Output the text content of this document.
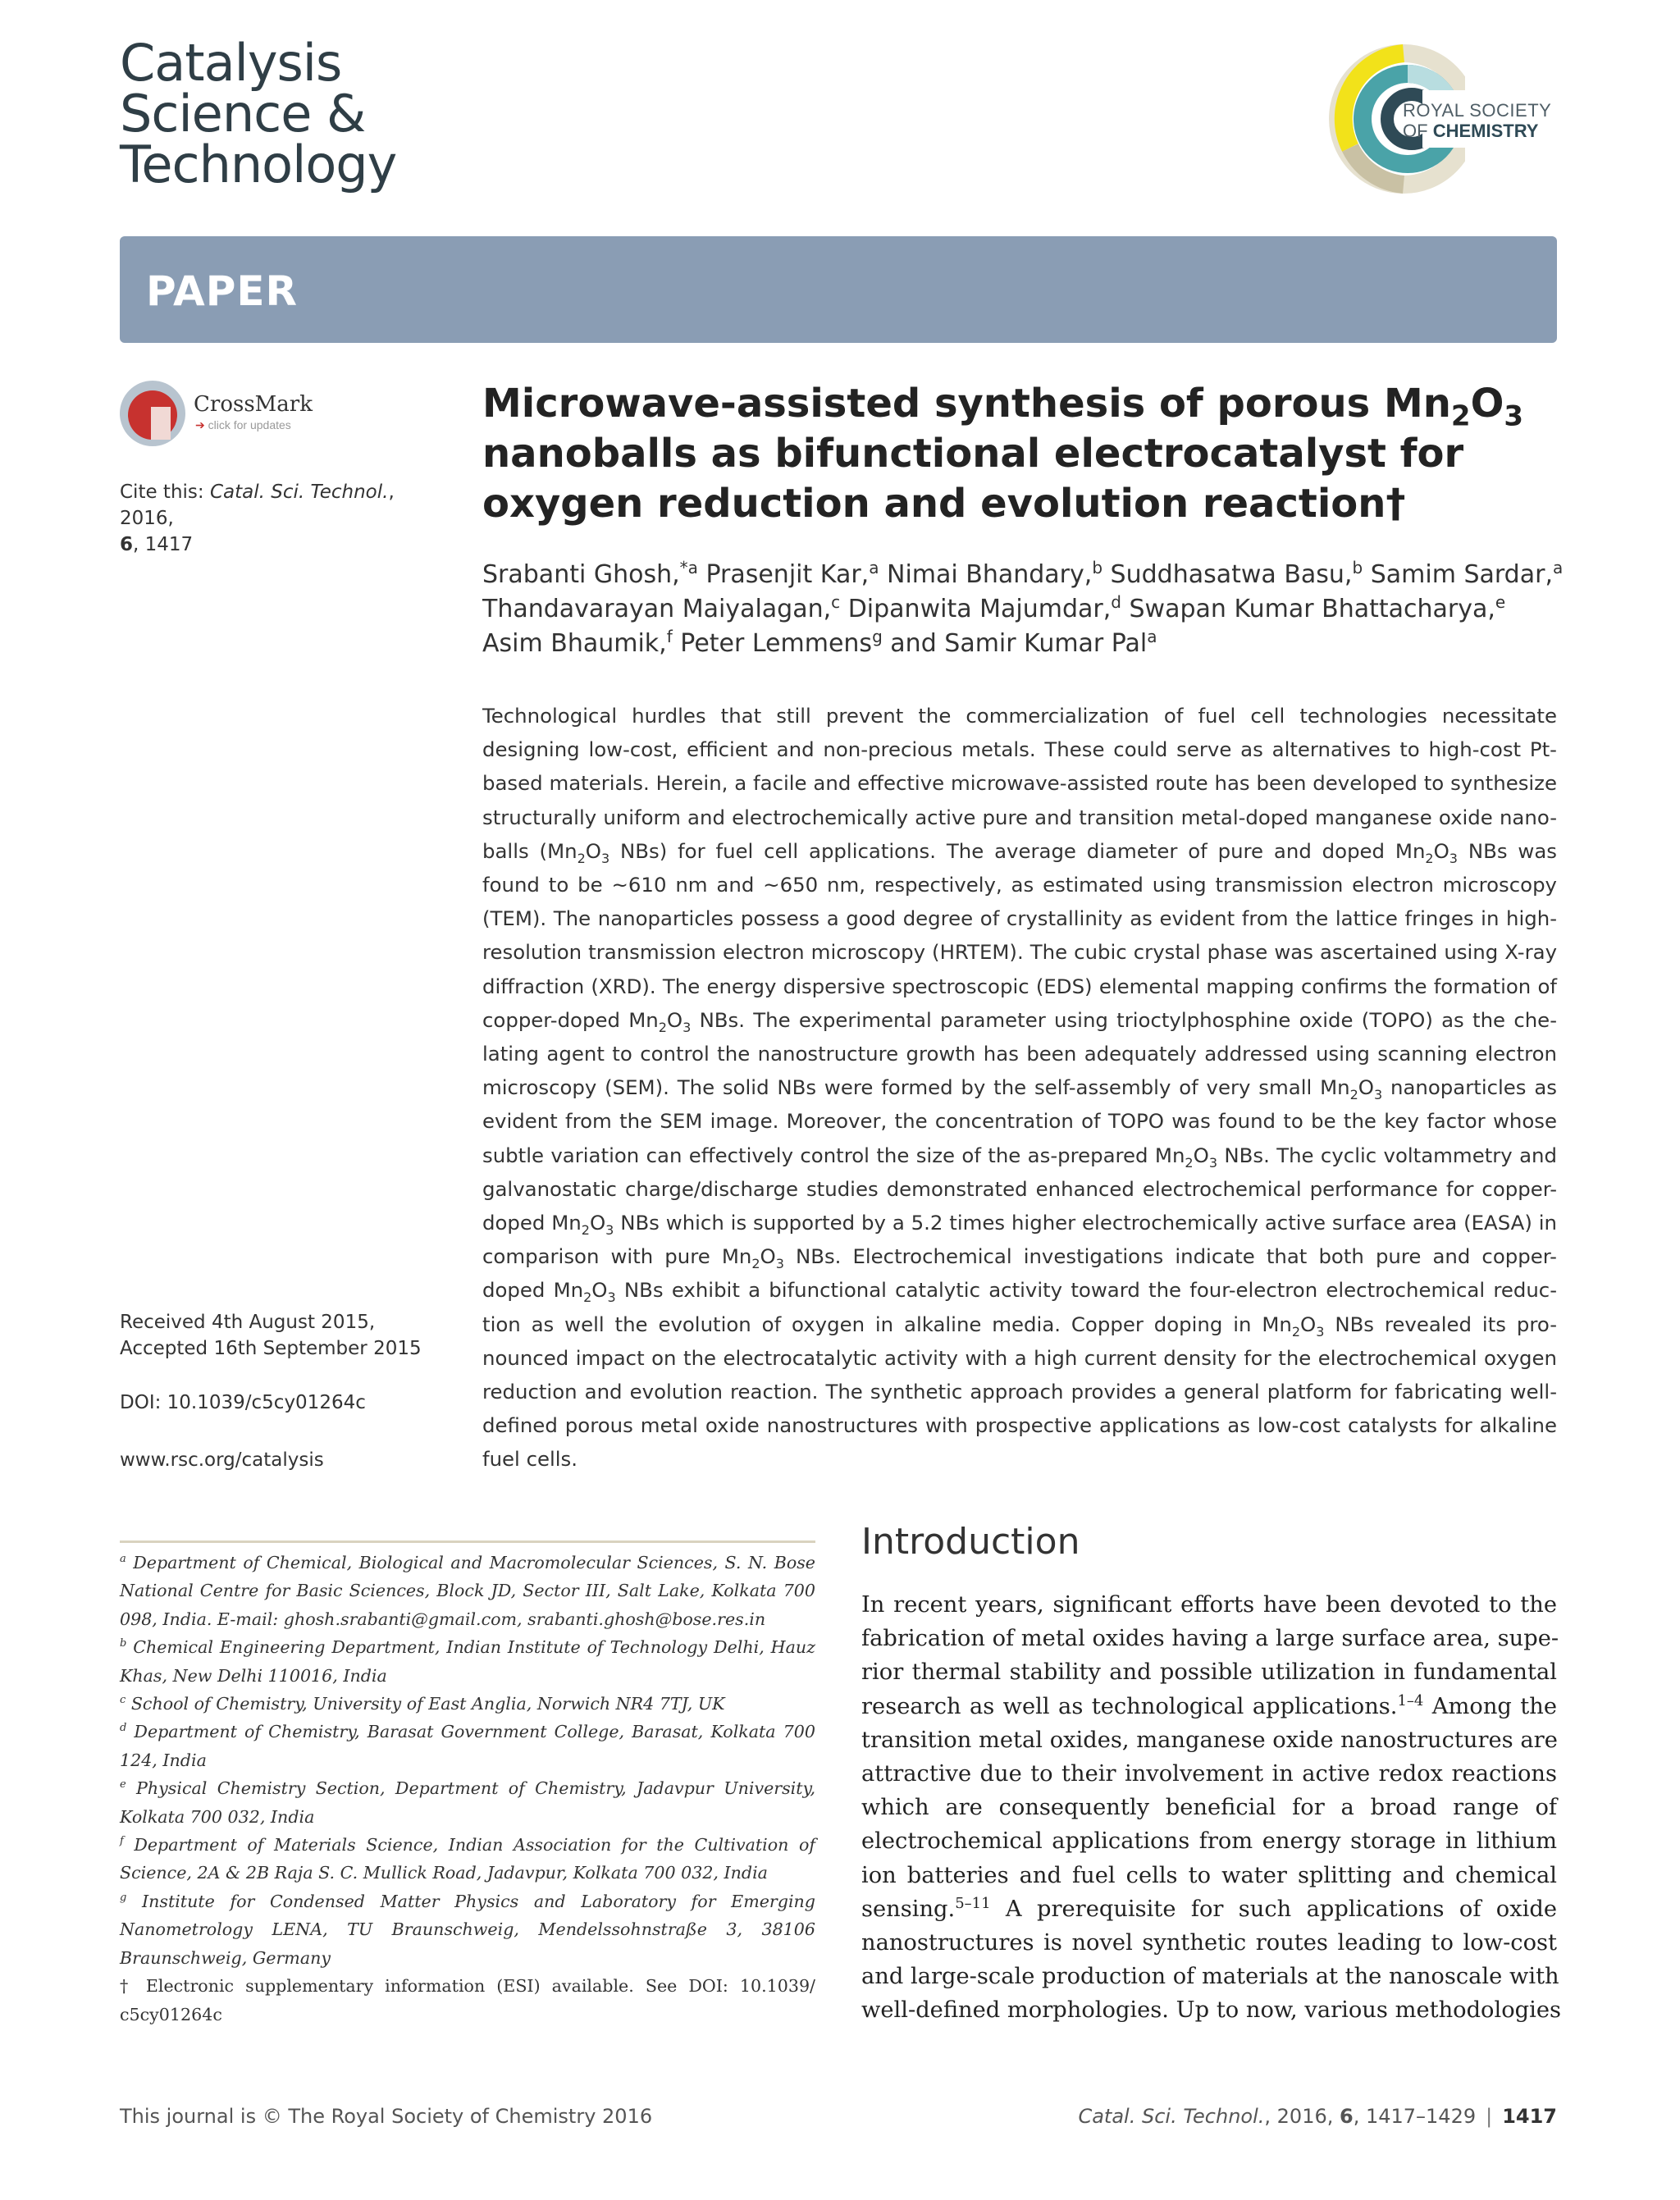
Catalysis
Science &
Technology
ROYAL SOCIETY
OF CHEMISTRY
PAPER
CrossMark
➔ click for updates
Cite this: Catal. Sci. Technol., 2016,
6, 1417
Received 4th August 2015,
Accepted 16th September 2015
DOI: 10.1039/c5cy01264c
www.rsc.org/catalysis
Microwave-assisted synthesis of porous $Mn_2O_3$
nanoballs as bifunctional electrocatalyst for
oxygen reduction and evolution reaction†
Srabanti Ghosh,$^{*a}$ Prasenjit Kar,$^a$ Nimai Bhandary,$^b$ Suddhasatwa Basu,$^b$ Samim Sardar,$^a$
Thandavarayan Maiyalagan,$^c$ Dipanwita Majumdar,$^d$ Swapan Kumar Bhattacharya,$^e$
Asim Bhaumik,$^f$ Peter Lemmens$^g$ and Samir Kumar Pal$^a$
Technological hurdles that still prevent the commercialization of fuel cell technologies necessitate
designing low-cost, efficient and non-precious metals. These could serve as alternatives to high-cost Pt-
based materials. Herein, a facile and effective microwave-assisted route has been developed to synthesize
structurally uniform and electrochemically active pure and transition metal-doped manganese oxide nano-
balls ($Mn_2O_3$ NBs) for fuel cell applications. The average diameter of pure and doped $Mn_2O_3$ NBs was
found to be ~610 nm and ~650 nm, respectively, as estimated using transmission electron microscopy
(TEM). The nanoparticles possess a good degree of crystallinity as evident from the lattice fringes in high-
resolution transmission electron microscopy (HRTEM). The cubic crystal phase was ascertained using X-ray
diffraction (XRD). The energy dispersive spectroscopic (EDS) elemental mapping confirms the formation of
copper-doped $Mn_2O_3$ NBs. The experimental parameter using trioctylphosphine oxide (TOPO) as the che-
lating agent to control the nanostructure growth has been adequately addressed using scanning electron
microscopy (SEM). The solid NBs were formed by the self-assembly of very small $Mn_2O_3$ nanoparticles as
evident from the SEM image. Moreover, the concentration of TOPO was found to be the key factor whose
subtle variation can effectively control the size of the as-prepared $Mn_2O_3$ NBs. The cyclic voltammetry and
galvanostatic charge/discharge studies demonstrated enhanced electrochemical performance for copper-
doped $Mn_2O_3$ NBs which is supported by a 5.2 times higher electrochemically active surface area (EASA) in
comparison with pure $Mn_2O_3$ NBs. Electrochemical investigations indicate that both pure and copper-
doped $Mn_2O_3$ NBs exhibit a bifunctional catalytic activity toward the four-electron electrochemical reduc-
tion as well the evolution of oxygen in alkaline media. Copper doping in $Mn_2O_3$ NBs revealed its pro-
nounced impact on the electrocatalytic activity with a high current density for the electrochemical oxygen
reduction and evolution reaction. The synthetic approach provides a general platform for fabricating well-
defined porous metal oxide nanostructures with prospective applications as low-cost catalysts for alkaline
fuel cells.
$^a$ Department of Chemical, Biological and Macromolecular Sciences, S. N. Bose
National Centre for Basic Sciences, Block JD, Sector III, Salt Lake, Kolkata 700
098, India. E-mail: ghosh.srabanti@gmail.com, srabanti.ghosh@bose.res.in
$^b$ Chemical Engineering Department, Indian Institute of Technology Delhi, Hauz
Khas, New Delhi 110016, India
$^c$ School of Chemistry, University of East Anglia, Norwich NR4 7TJ, UK
$^d$ Department of Chemistry, Barasat Government College, Barasat, Kolkata 700
124, India
$^e$ Physical Chemistry Section, Department of Chemistry, Jadavpur University,
Kolkata 700 032, India
$^f$ Department of Materials Science, Indian Association for the Cultivation of
Science, 2A & 2B Raja S. C. Mullick Road, Jadavpur, Kolkata 700 032, India
$^g$ Institute for Condensed Matter Physics and Laboratory for Emerging
Nanometrology LENA, TU Braunschweig, Mendelssohnstraße 3, 38106
Braunschweig, Germany
† Electronic supplementary information (ESI) available. See DOI: 10.1039/
c5cy01264c
Introduction
In recent years, significant efforts have been devoted to the
fabrication of metal oxides having a large surface area, supe-
rior thermal stability and possible utilization in fundamental
research as well as technological applications.$^{1-4}$ Among the
transition metal oxides, manganese oxide nanostructures are
attractive due to their involvement in active redox reactions
which are consequently beneficial for a broad range of
electrochemical applications from energy storage in lithium
ion batteries and fuel cells to water splitting and chemical
sensing.$^{5-11}$ A prerequisite for such applications of oxide
nanostructures is novel synthetic routes leading to low-cost
and large-scale production of materials at the nanoscale with
well-defined morphologies. Up to now, various methodologies
This journal is © The Royal Society of Chemistry 2016	Catal. Sci. Technol., 2016, 6, 1417–1429 | 1417
